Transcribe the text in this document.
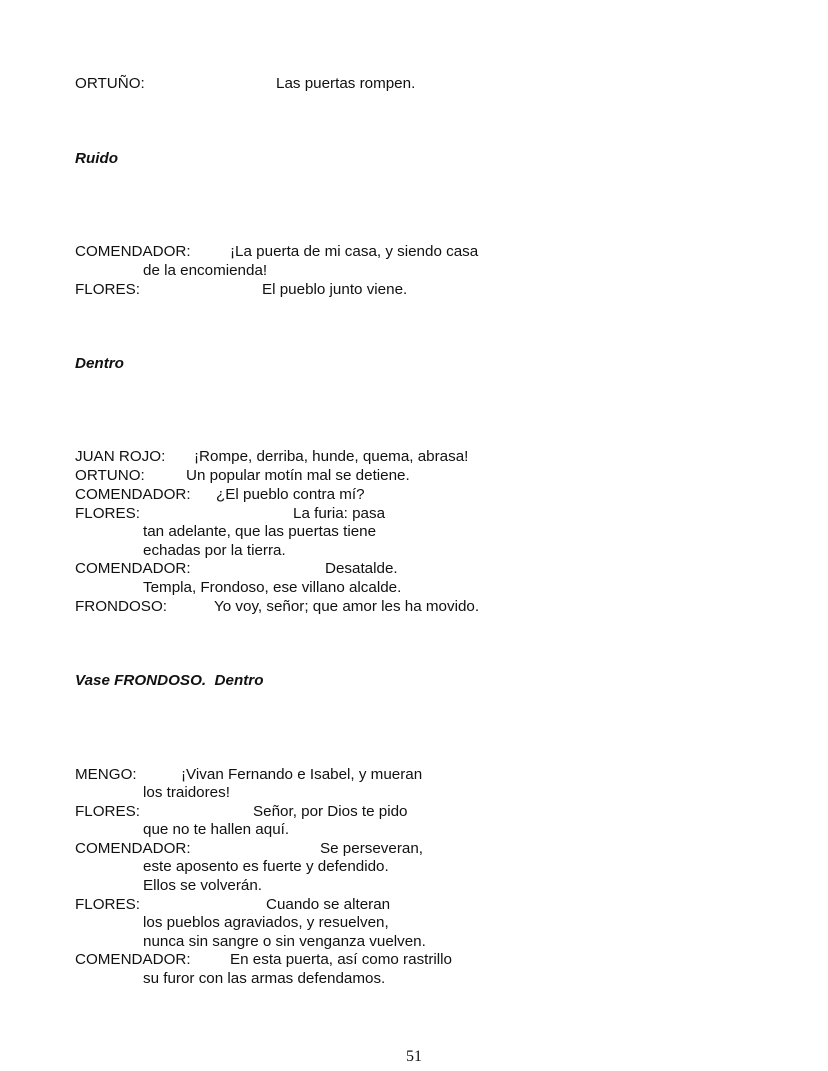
ORTUÑO:	Las puertas rompen.
Ruido
COMENDADOR:	¡La puerta de mi casa, y siendo casa
de la encomienda!
FLORES:	El pueblo junto viene.
Dentro
JUAN ROJO: ¡Rompe, derriba, hunde, quema, abrasa!
ORTUNO:	Un popular motín mal se detiene.
COMENDADOR: ¿El pueblo contra mí?
FLORES:	La furia: pasa
tan adelante, que las puertas tiene
echadas por la tierra.
COMENDADOR:	Desatalde.
Templa, Frondoso, ese villano alcalde.
FRONDOSO:	Yo voy, señor; que amor les ha movido.
Vase FRONDOSO.  Dentro
MENGO:	¡Vivan Fernando e Isabel, y mueran
los traidores!
FLORES:	Señor, por Dios te pido
que no te hallen aquí.
COMENDADOR:	Se perseveran,
este aposento es fuerte y defendido.
Ellos se volverán.
FLORES:	Cuando se alteran
los pueblos agraviados, y resuelven,
nunca sin sangre o sin venganza vuelven.
COMENDADOR:	En esta puerta, así como rastrillo
su furor con las armas defendamos.
51
